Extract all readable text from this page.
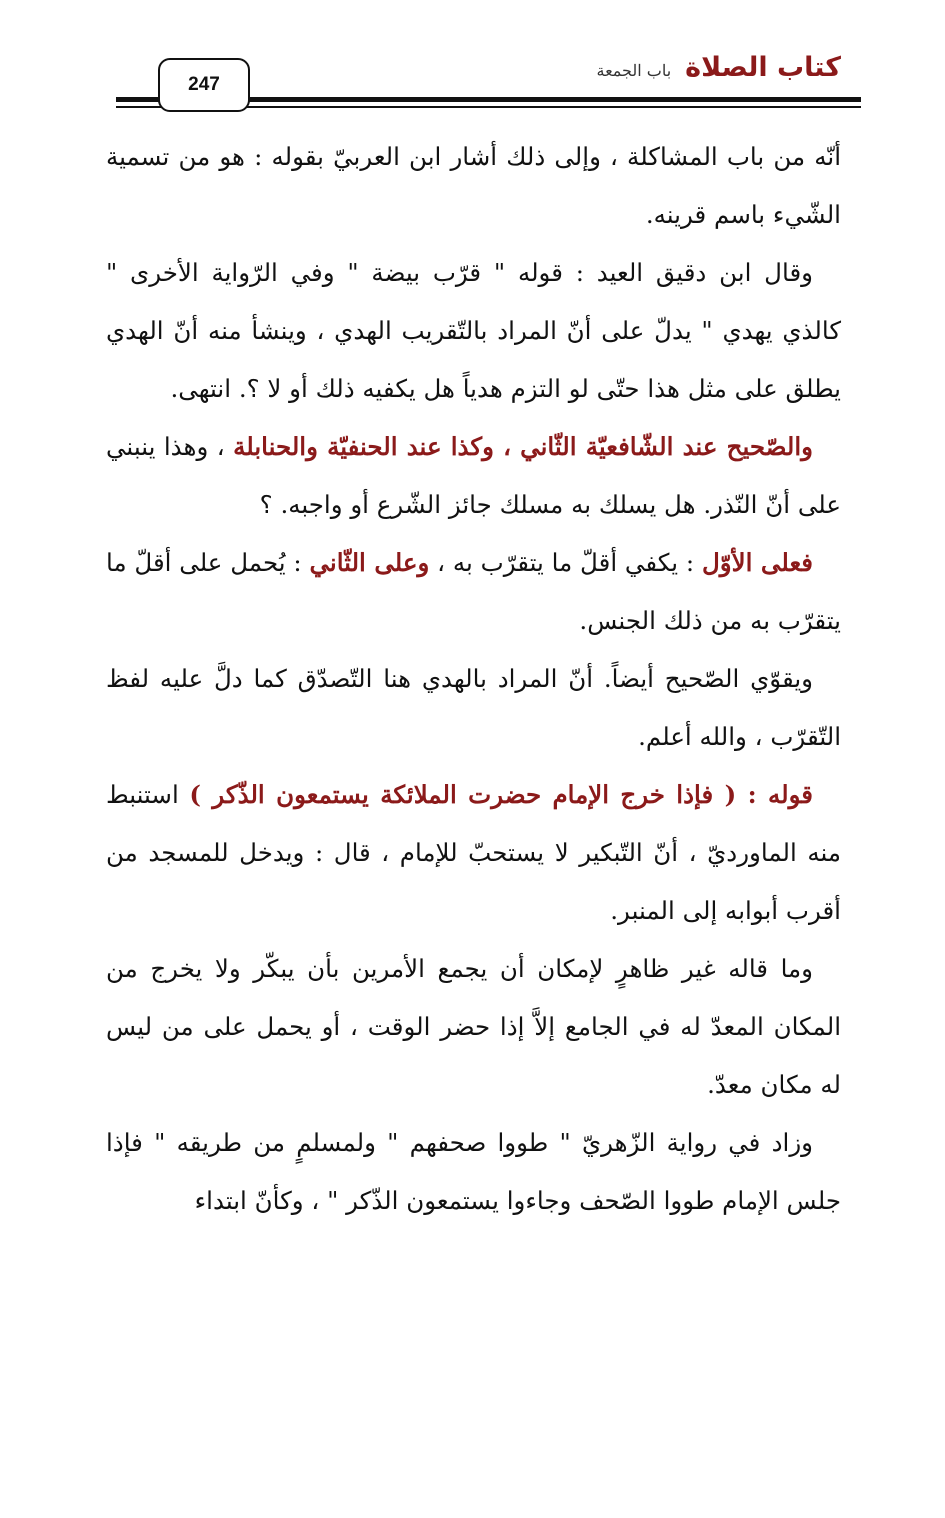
247
كتاب الصلاة
باب الجمعة

أنّه من باب المشاكلة ، وإلى ذلك أشار ابن العربيّ بقوله : هو من تسمية الشّيء باسم قرينه.

وقال ابن دقيق العيد : قوله " قرّب بيضة " وفي الرّواية الأخرى " كالذي يهدي " يدلّ على أنّ المراد بالتّقريب الهدي ، وينشأ منه أنّ الهدي يطلق على مثل هذا حتّى لو التزم هدياً هل يكفيه ذلك أو لا ؟. انتهى.

والصّحيح عند الشّافعيّة الثّاني ، وكذا عند الحنفيّة والحنابلة ، وهذا ينبني على أنّ النّذر. هل يسلك به مسلك جائز الشّرع أو واجبه. ؟

فعلى الأوّل : يكفي أقلّ ما يتقرّب به ، وعلى الثّاني : يُحمل على أقلّ ما يتقرّب به من ذلك الجنس.

ويقوّي الصّحيح أيضاً. أنّ المراد بالهدي هنا التّصدّق كما دلَّ عليه لفظ التّقرّب ، والله أعلم.

قوله : ( فإذا خرج الإمام حضرت الملائكة يستمعون الذّكر ) استنبط منه الماورديّ ، أنّ التّبكير لا يستحبّ للإمام ، قال : ويدخل للمسجد من أقرب أبوابه إلى المنبر.

وما قاله غير ظاهرٍ لإمكان أن يجمع الأمرين بأن يبكّر ولا يخرج من المكان المعدّ له في الجامع إلاَّ إذا حضر الوقت ، أو يحمل على من ليس له مكان معدّ.

وزاد في رواية الزّهريّ " طووا صحفهم " ولمسلمٍ من طريقه " فإذا جلس الإمام طووا الصّحف وجاءوا يستمعون الذّكر " ، وكأنّ ابتداء
